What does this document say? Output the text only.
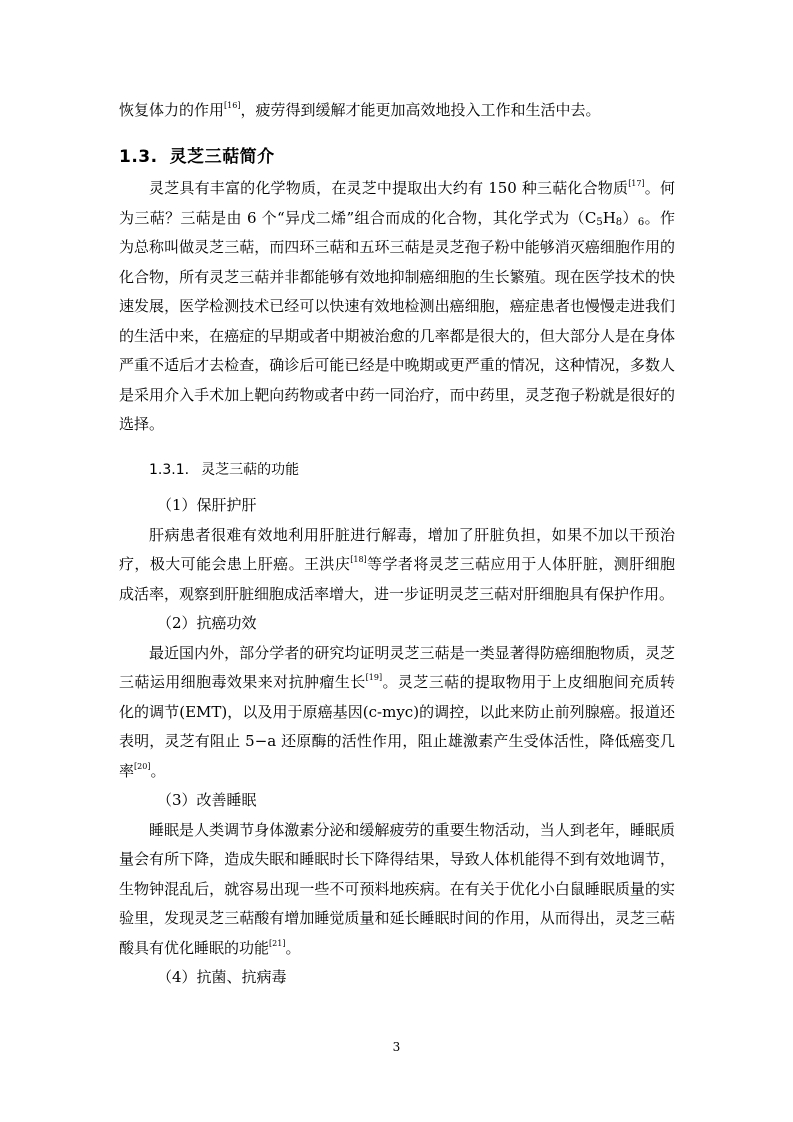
恢复体力的作用[16]，疲劳得到缓解才能更加高效地投入工作和生活中去。

1.3. 灵芝三萜简介

灵芝具有丰富的化学物质，在灵芝中提取出大约有 150 种三萜化合物质[17]。何为三萜？三萜是由 6 个“异戊二烯”组合而成的化合物，其化学式为$(C_5H_8)_6$。作为总称叫做灵芝三萜，而四环三萜和五环三萜是灵芝孢子粉中能够消灭癌细胞作用的化合物，所有灵芝三萜并非都能够有效地抑制癌细胞的生长繁殖。现在医学技术的快速发展，医学检测技术已经可以快速有效地检测出癌细胞，癌症患者也慢慢走进我们的生活中来，在癌症的早期或者中期被治愈的几率都是很大的，但大部分人是在身体严重不适后才去检查，确诊后可能已经是中晚期或更严重的情况，这种情况，多数人是采用介入手术加上靶向药物或者中药一同治疗，而中药里，灵芝孢子粉就是很好的选择。

1.3.1. 灵芝三萜的功能

（1）保肝护肝

肝病患者很难有效地利用肝脏进行解毒，增加了肝脏负担，如果不加以干预治疗，极大可能会患上肝癌。王洪庆[18]等学者将灵芝三萜应用于人体肝脏，测肝细胞成活率，观察到肝脏细胞成活率增大，进一步证明灵芝三萜对肝细胞具有保护作用。

（2）抗癌功效

最近国内外，部分学者的研究均证明灵芝三萜是一类显著得防癌细胞物质，灵芝三萜运用细胞毒效果来对抗肿瘤生长[19]。灵芝三萜的提取物用于上皮细胞间充质转化的调节(EMT)，以及用于原癌基因(c-myc)的调控，以此来防止前列腺癌。报道还表明，灵芝有阻止 5−a 还原酶的活性作用，阻止雄激素产生受体活性，降低癌变几率[20]。

（3）改善睡眠

睡眠是人类调节身体激素分泌和缓解疲劳的重要生物活动，当人到老年，睡眠质量会有所下降，造成失眠和睡眠时长下降得结果，导致人体机能得不到有效地调节，生物钟混乱后，就容易出现一些不可预料地疾病。在有关于优化小白鼠睡眠质量的实验里，发现灵芝三萜酸有增加睡觉质量和延长睡眠时间的作用，从而得出，灵芝三萜酸具有优化睡眠的功能[21]。

（4）抗菌、抗病毒

3
